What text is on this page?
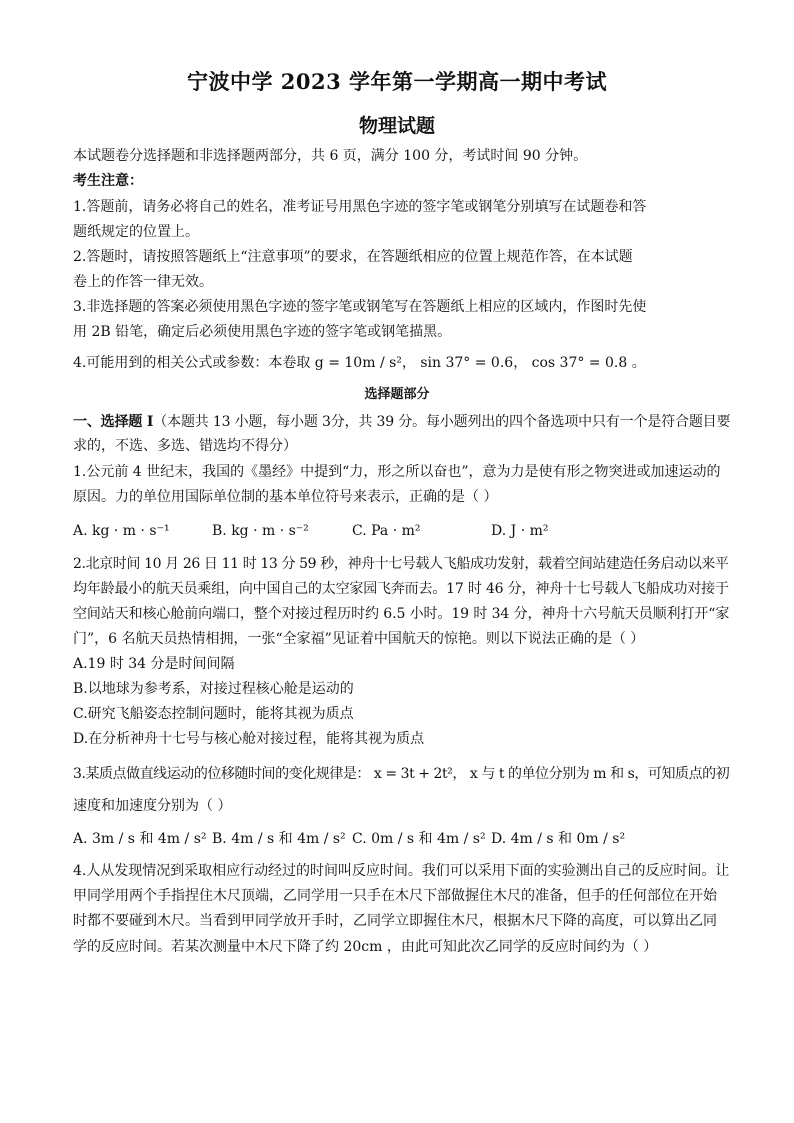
宁波中学 2023 学年第一学期高一期中考试
物理试题
本试题卷分选择题和非选择题两部分，共 6 页，满分 100 分，考试时间 90 分钟。
考生注意：
1.答题前，请务必将自己的姓名，准考证号用黑色字迹的签字笔或钢笔分别填写在试题卷和答
题纸规定的位置上。
2.答题时，请按照答题纸上“注意事项”的要求，在答题纸相应的位置上规范作答，在本试题
卷上的作答一律无效。
3.非选择题的答案必须使用黑色字迹的签字笔或钢笔写在答题纸上相应的区域内，作图时先使
用 2B 铅笔，确定后必须使用黑色字迹的签字笔或钢笔描黑。
4.可能用到的相关公式或参数：本卷取 g = 10m / s²， sin 37° = 0.6， cos 37° = 0.8 。
选择题部分
一、选择题 I（本题共 13 小题，每小题 3分，共 39 分。每小题列出的四个备选项中只有一个是符合题目要
求的，不选、多选、错选均不得分）
1.公元前 4 世纪末，我国的《墨经》中提到“力，形之所以奋也”，意为力是使有形之物突进或加速运动的
原因。力的单位用国际单位制的基本单位符号来表示，正确的是（ ）
A. kg · m · s⁻¹	B. kg · m · s⁻²	C. Pa · m²	D. J · m²
2.北京时间 10 月 26 日 11 时 13 分 59 秒，神舟十七号载人飞船成功发射，载着空间站建造任务启动以来平
均年龄最小的航天员乘组，向中国自己的太空家园飞奔而去。17 时 46 分，神舟十七号载人飞船成功对接于
空间站天和核心舱前向端口，整个对接过程历时约 6.5 小时。19 时 34 分，神舟十六号航天员顺利打开“家
门”，6 名航天员热情相拥，一张“全家福”见证着中国航天的惊艳。则以下说法正确的是（ ）
A.19 时 34 分是时间间隔
B.以地球为参考系，对接过程核心舱是运动的
C.研究飞船姿态控制问题时，能将其视为质点
D.在分析神舟十七号与核心舱对接过程，能将其视为质点
3.某质点做直线运动的位移随时间的变化规律是： x = 3t + 2t²， x 与 t 的单位分别为 m 和 s，可知质点的初
速度和加速度分别为（ ）
A. 3m / s 和 4m / s² B. 4m / s 和 4m / s² C. 0m / s 和 4m / s² D. 4m / s 和 0m / s²
4.人从发现情况到采取相应行动经过的时间叫反应时间。我们可以采用下面的实验测出自己的反应时间。让
甲同学用两个手指捏住木尺顶端，乙同学用一只手在木尺下部做握住木尺的准备，但手的任何部位在开始
时都不要碰到木尺。当看到甲同学放开手时，乙同学立即握住木尺，根据木尺下降的高度，可以算出乙同
学的反应时间。若某次测量中木尺下降了约 20cm ，由此可知此次乙同学的反应时间约为（ ）
